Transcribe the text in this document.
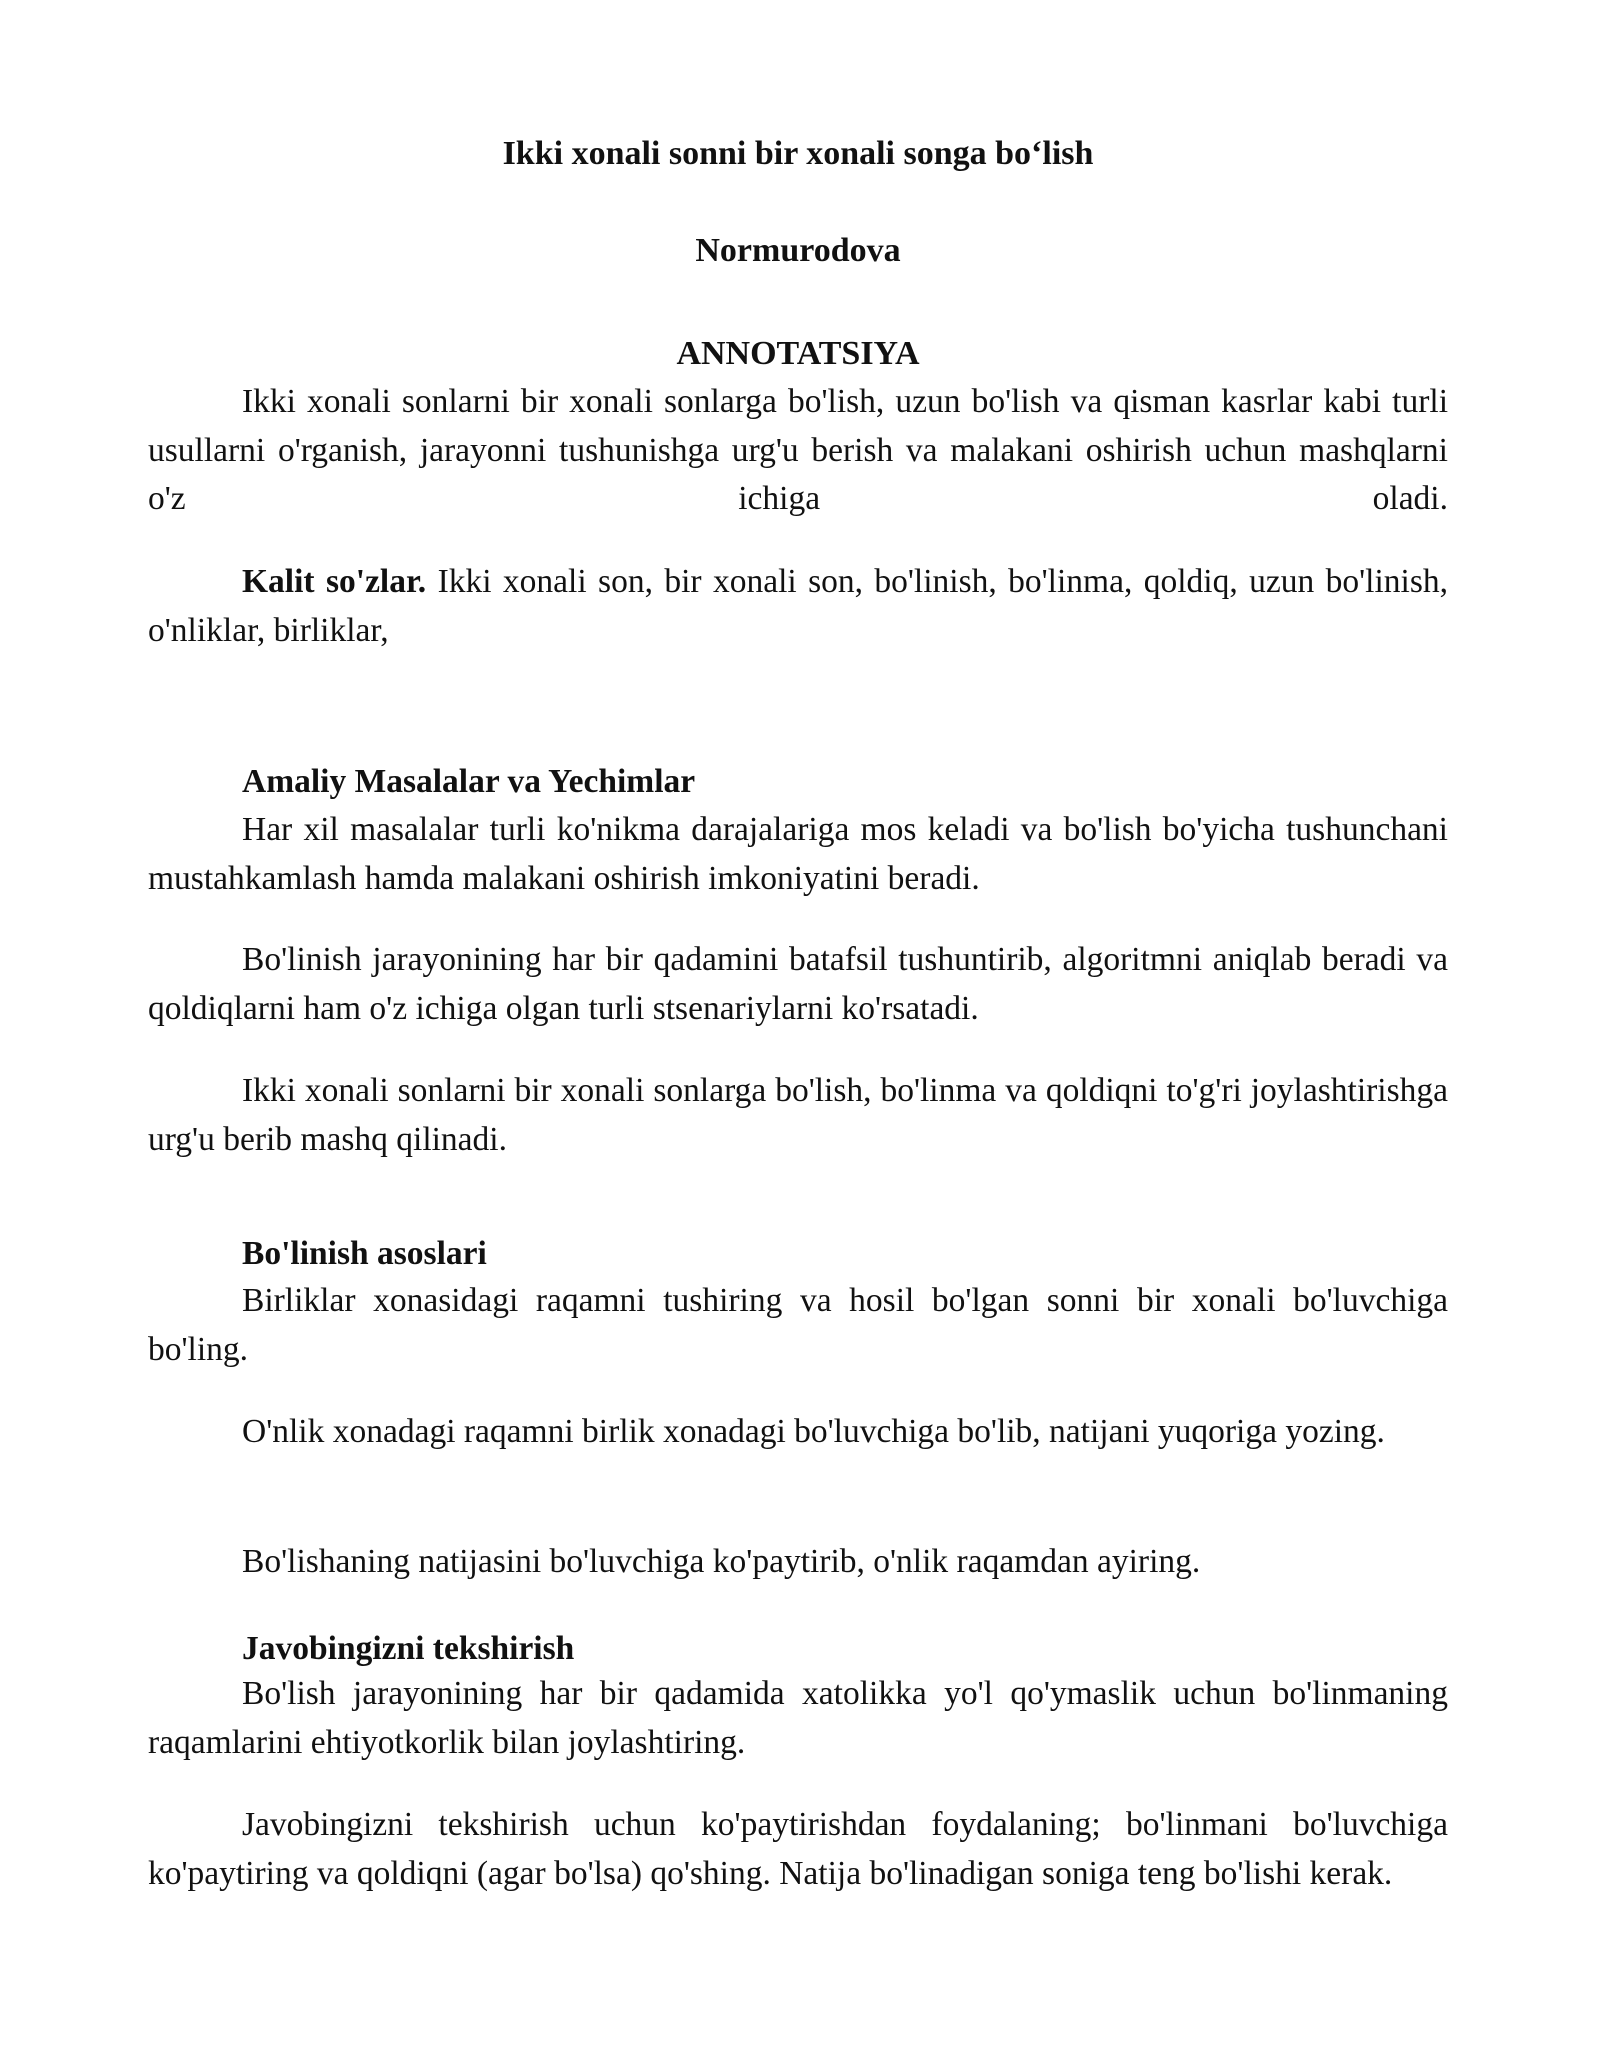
Ikki xonali sonni bir xonali songa bo‘lish
Normurodova
ANNOTATSIYA
Ikki xonali sonlarni bir xonali sonlarga bo'lish, uzun bo'lish va qisman kasrlar kabi turli usullarni o'rganish, jarayonni tushunishga urg'u berish va malakani oshirish uchun mashqlarni o'z ichiga oladi.
Kalit so'zlar. Ikki xonali son, bir xonali son, bo'linish, bo'linma, qoldiq, uzun bo'linish, o'nliklar, birliklar,
Amaliy Masalalar va Yechimlar
Har xil masalalar turli ko'nikma darajalariga mos keladi va bo'lish bo'yicha tushunchani mustahkamlash hamda malakani oshirish imkoniyatini beradi.
Bo'linish jarayonining har bir qadamini batafsil tushuntirib, algoritmni aniqlab beradi va qoldiqlarni ham o'z ichiga olgan turli stsenariylarni ko'rsatadi.
Ikki xonali sonlarni bir xonali sonlarga bo'lish, bo'linma va qoldiqni to'g'ri joylashtirishga urg'u berib mashq qilinadi.
Bo'linish asoslari
Birliklar xonasidagi raqamni tushiring va hosil bo'lgan sonni bir xonali bo'luvchiga bo'ling.
O'nlik xonadagi raqamni birlik xonadagi bo'luvchiga bo'lib, natijani yuqoriga yozing.
Bo'lishaning natijasini bo'luvchiga ko'paytirib, o'nlik raqamdan ayiring.
Javobingizni tekshirish
Bo'lish jarayonining har bir qadamida xatolikka yo'l qo'ymaslik uchun bo'linmaning raqamlarini ehtiyotkorlik bilan joylashtiring.
Javobingizni tekshirish uchun ko'paytirishdan foydalaning; bo'linmani bo'luvchiga ko'paytiring va qoldiqni (agar bo'lsa) qo'shing. Natija bo'linadigan soniga teng bo'lishi kerak.
